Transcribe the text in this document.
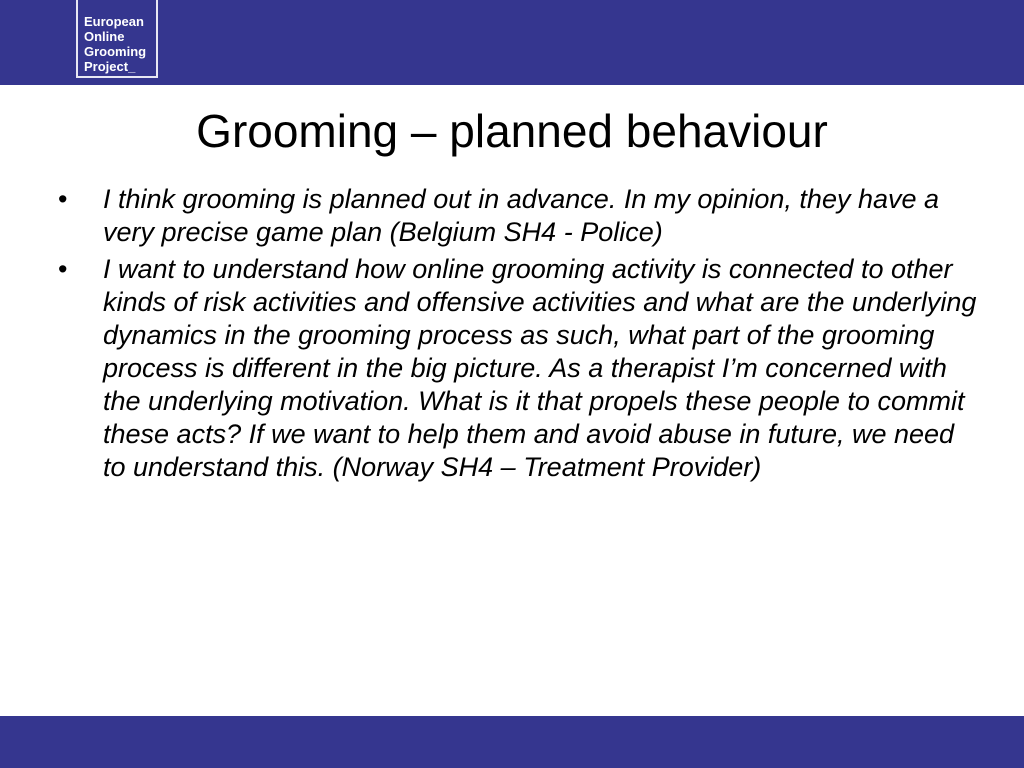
European
Online
Grooming
Project_
Grooming – planned behaviour
• I think grooming is planned out in advance. In my opinion, they have a very precise game plan (Belgium SH4 - Police)
• I want to understand how online grooming activity is connected to other kinds of risk activities and offensive activities and what are the underlying dynamics in the grooming process as such, what part of the grooming process is different in the big picture. As a therapist I’m concerned with the underlying motivation. What is it that propels these people to commit these acts? If we want to help them and avoid abuse in future, we need to understand this. (Norway SH4 – Treatment Provider)
